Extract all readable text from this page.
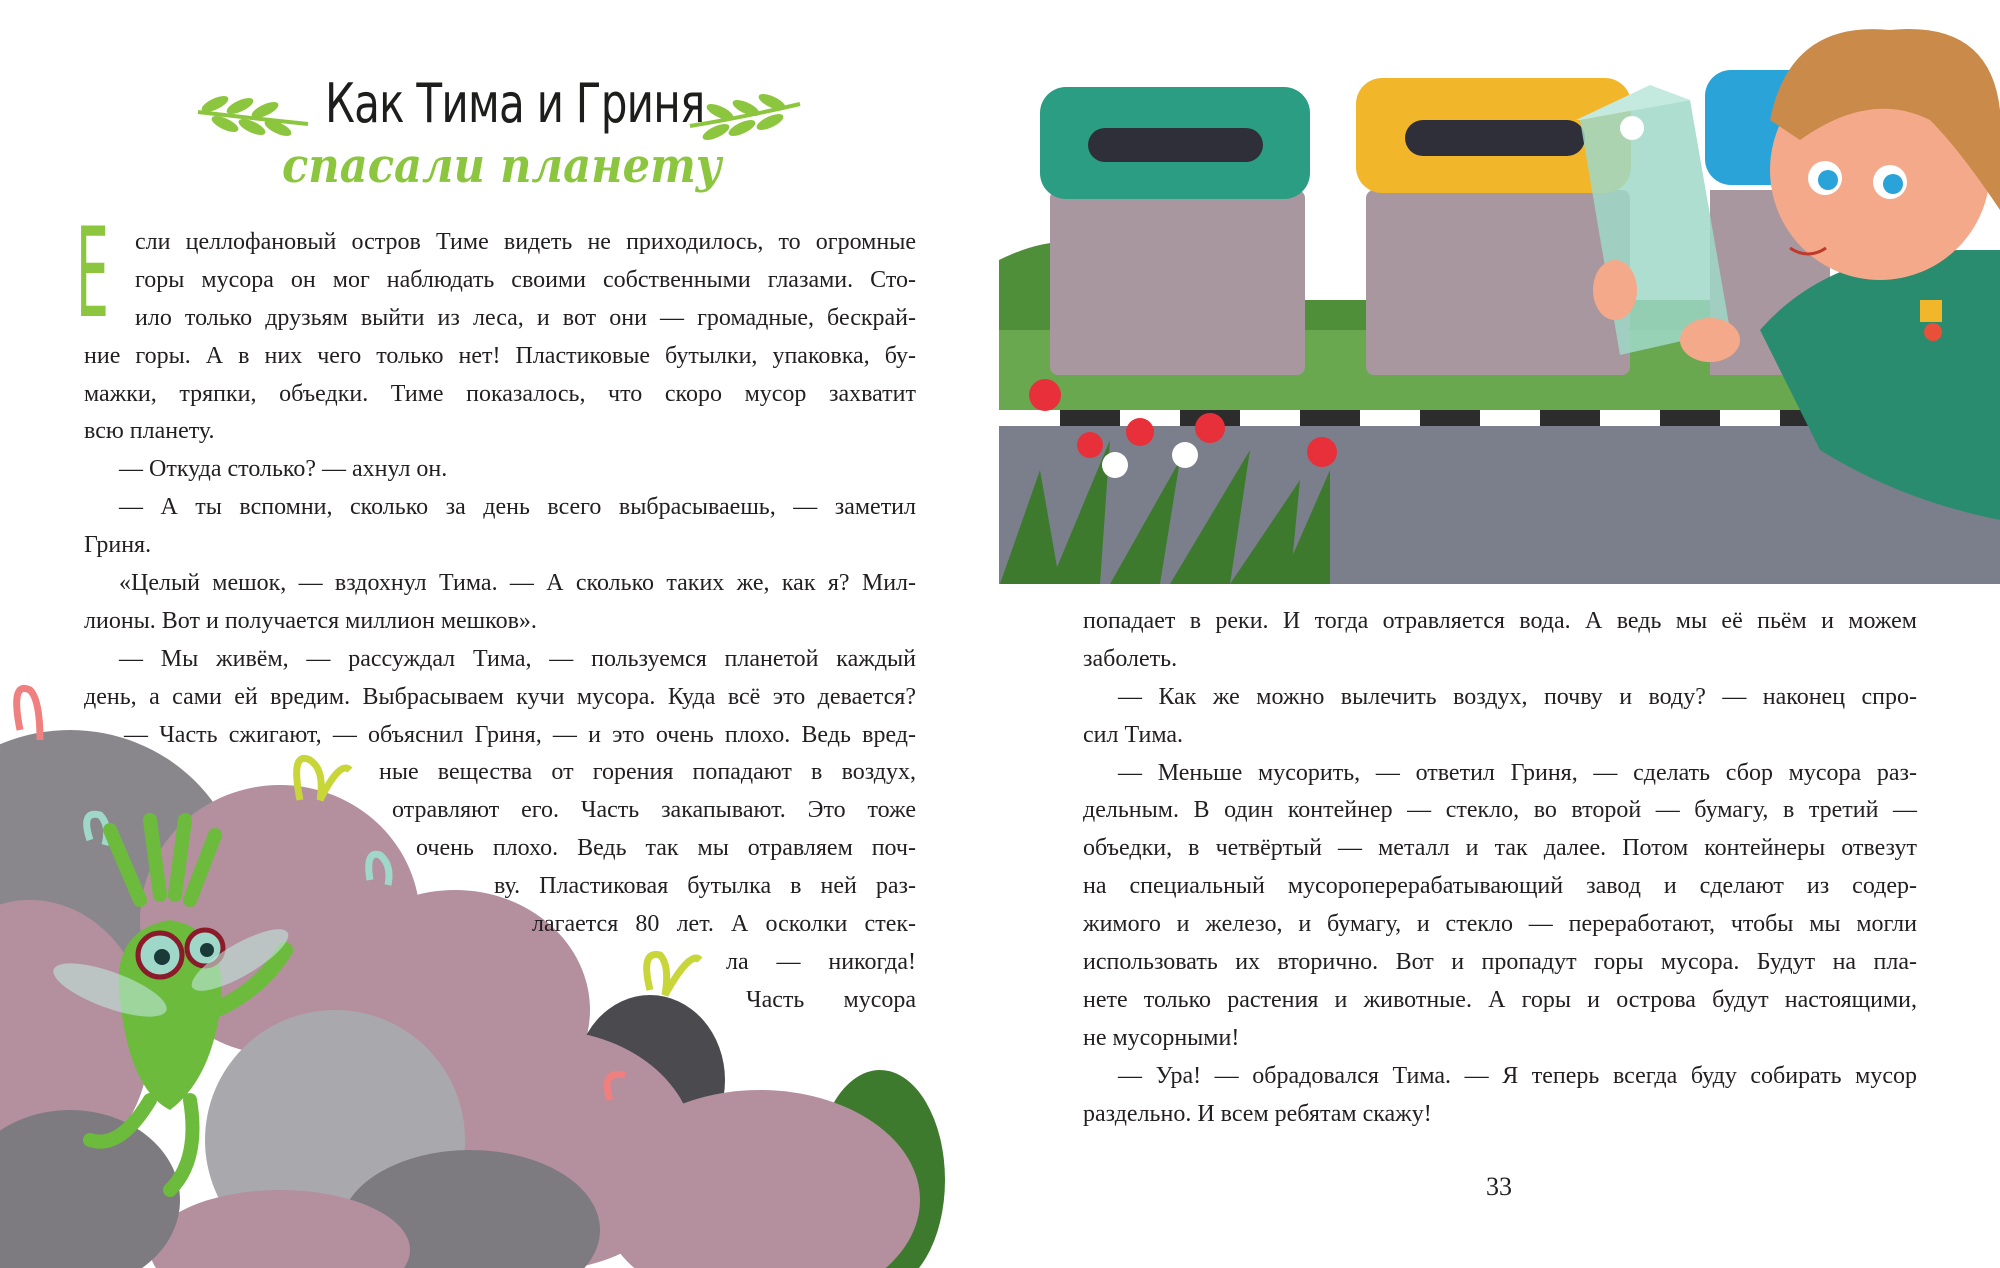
Как Тима и Гриня
спасали планету
Е сли целлофановый остров Тиме видеть не приходилось, то огромные
горы мусора он мог наблюдать своими собственными глазами. Сто-
ило только друзьям выйти из леса, и вот они — громадные, бескрай-
ние горы. А в них чего только нет! Пластиковые бутылки, упаковка, бу-
мажки, тряпки, объедки. Тиме показалось, что скоро мусор захватит
всю планету.
— Откуда столько? — ахнул он.
— А ты вспомни, сколько за день всего выбрасываешь, — заметил
Гриня.
«Целый мешок, — вздохнул Тима. — А сколько таких же, как я? Мил-
лионы. Вот и получается миллион мешков».
— Мы живём, — рассуждал Тима, — пользуемся планетой каждый
день, а сами ей вредим. Выбрасываем кучи мусора. Куда всё это девается?
— Часть сжигают, — объяснил Гриня, — и это очень плохо. Ведь вред-
ные вещества от горения попадают в воздух,
отравляют его. Часть закапывают. Это тоже
очень плохо. Ведь так мы отравляем поч-
ву. Пластиковая бутылка в ней раз-
лагается 80 лет. А осколки стек-
ла — никогда!
Часть мусора
попадает в реки. И тогда отравляется вода. А ведь мы её пьём и можем
заболеть.
— Как же можно вылечить воздух, почву и воду? — наконец спро-
сил Тима.
— Меньше мусорить, — ответил Гриня, — сделать сбор мусора раз-
дельным. В один контейнер — стекло, во второй — бумагу, в третий —
объедки, в четвёртый — металл и так далее. Потом контейнеры отвезут
на специальный мусороперерабатывающий завод и сделают из содер-
жимого и железо, и бумагу, и стекло — переработают, чтобы мы могли
использовать их вторично. Вот и пропадут горы мусора. Будут на пла-
нете только растения и животные. А горы и острова будут настоящими,
не мусорными!
— Ура! — обрадовался Тима. — Я теперь всегда буду собирать мусор
раздельно. И всем ребятам скажу!
33
